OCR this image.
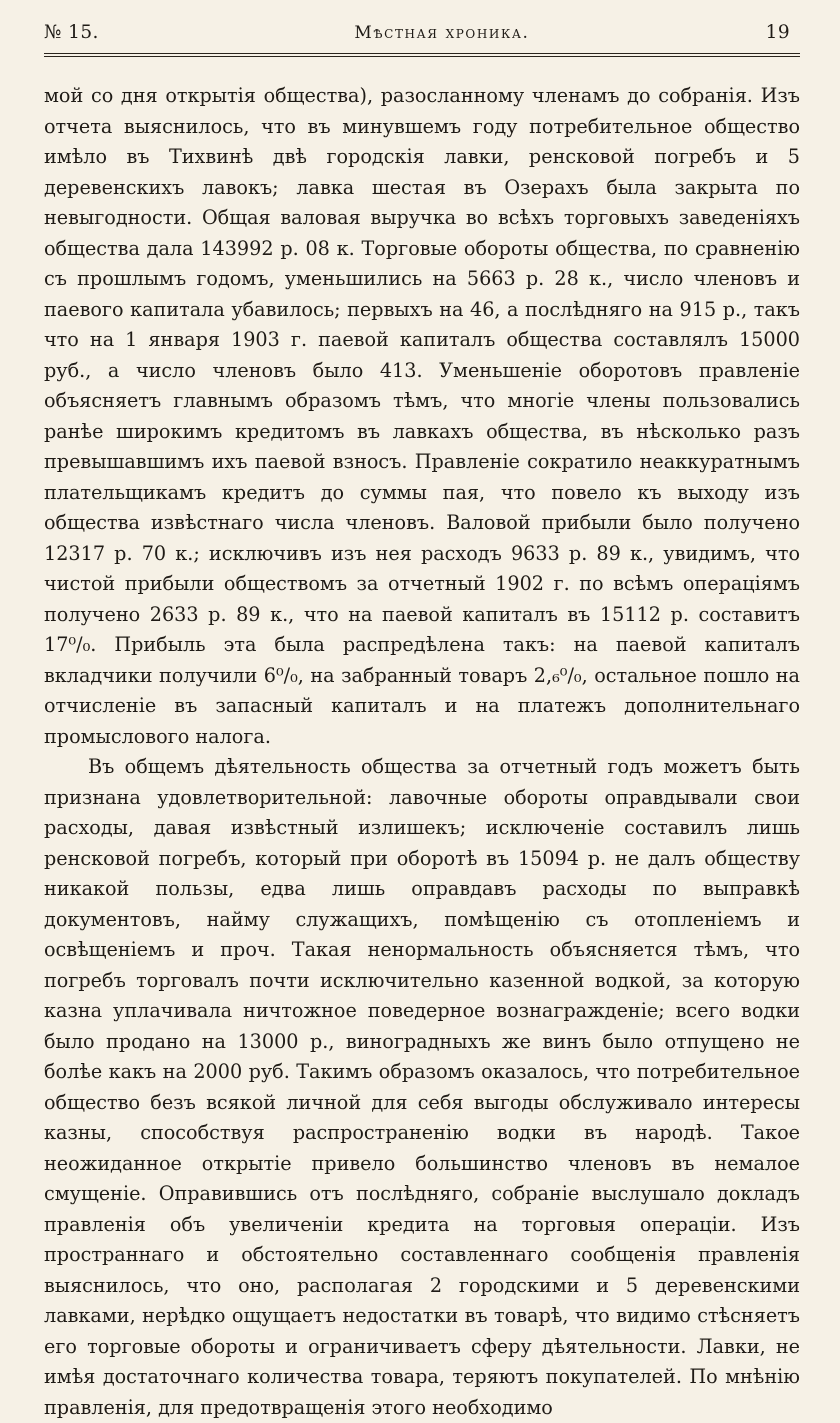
№ 15.	Мѣстная хроника.	19

мой со дня открытія общества), разосланному членамъ до собранія. Изъ отчета выяснилось, что въ минувшемъ году потребительное общество имѣло въ Тихвинѣ двѣ городскія лавки, ренсковой погребъ и 5 деревенскихъ лавокъ; лавка шестая въ Озерахъ была закрыта по невыгодности. Общая валовая выручка во всѣхъ торговыхъ заведеніяхъ общества дала 143992 р. 08 к. Торговые обороты общества, по сравненію съ прошлымъ годомъ, уменьшились на 5663 р. 28 к., число членовъ и паевого капитала убавилось; первыхъ на 46, а послѣдняго на 915 р., такъ что на 1 января 1903 г. паевой капиталъ общества составлялъ 15000 руб., а число членовъ было 413. Уменьшеніе оборотовъ правленіе объясняетъ главнымъ образомъ тѣмъ, что многіе члены пользовались ранѣе широкимъ кредитомъ въ лавкахъ общества, въ нѣсколько разъ превышавшимъ ихъ паевой взносъ. Правленіе сократило неаккуратнымъ плательщикамъ кредитъ до суммы пая, что повело къ выходу изъ общества извѣстнаго числа членовъ. Валовой прибыли было получено 12317 р. 70 к.; исключивъ изъ нея расходъ 9633 р. 89 к., увидимъ, что чистой прибыли обществомъ за отчетный 1902 г. по всѣмъ операціямъ получено 2633 р. 89 к., что на паевой капиталъ въ 15112 р. составитъ 17⁰/₀. Прибыль эта была распредѣлена такъ: на паевой капиталъ вкладчики получили 6⁰/₀, на забранный товаръ 2,₆⁰/₀, остальное пошло на отчисленіе въ запасный капиталъ и на платежъ дополнительнаго промыслового налога.

Въ общемъ дѣятельность общества за отчетный годъ можетъ быть признана удовлетворительной: лавочные обороты оправдывали свои расходы, давая извѣстный излишекъ; исключеніе составилъ лишь ренсковой погребъ, который при оборотѣ въ 15094 р. не далъ обществу никакой пользы, едва лишь оправдавъ расходы по выправкѣ документовъ, найму служащихъ, помѣщенію съ отопленіемъ и освѣщеніемъ и проч. Такая ненормальность объясняется тѣмъ, что погребъ торговалъ почти исключительно казенной водкой, за которую казна уплачивала ничтожное поведерное вознагражденіе; всего водки было продано на 13000 р., виноградныхъ же винъ было отпущено не болѣе какъ на 2000 руб. Такимъ образомъ оказалось, что потребительное общество безъ всякой личной для себя выгоды обслуживало интересы казны, способствуя распространенію водки въ народѣ. Такое неожиданное открытіе привело большинство членовъ въ немалое смущеніе. Оправившись отъ послѣдняго, собраніе выслушало докладъ правленія объ увеличеніи кредита на торговыя операціи. Изъ пространнаго и обстоятельно составленнаго сообщенія правленія выяснилось, что оно, располагая 2 городскими и 5 деревенскими лавками, нерѣдко ощущаетъ недостатки въ товарѣ, что видимо стѣсняетъ его торговые обороты и ограничиваетъ сферу дѣятельности. Лавки, не имѣя достаточнаго количества товара, теряютъ покупателей. По мнѣнію правленія, для предотвращенія этого необходимо
